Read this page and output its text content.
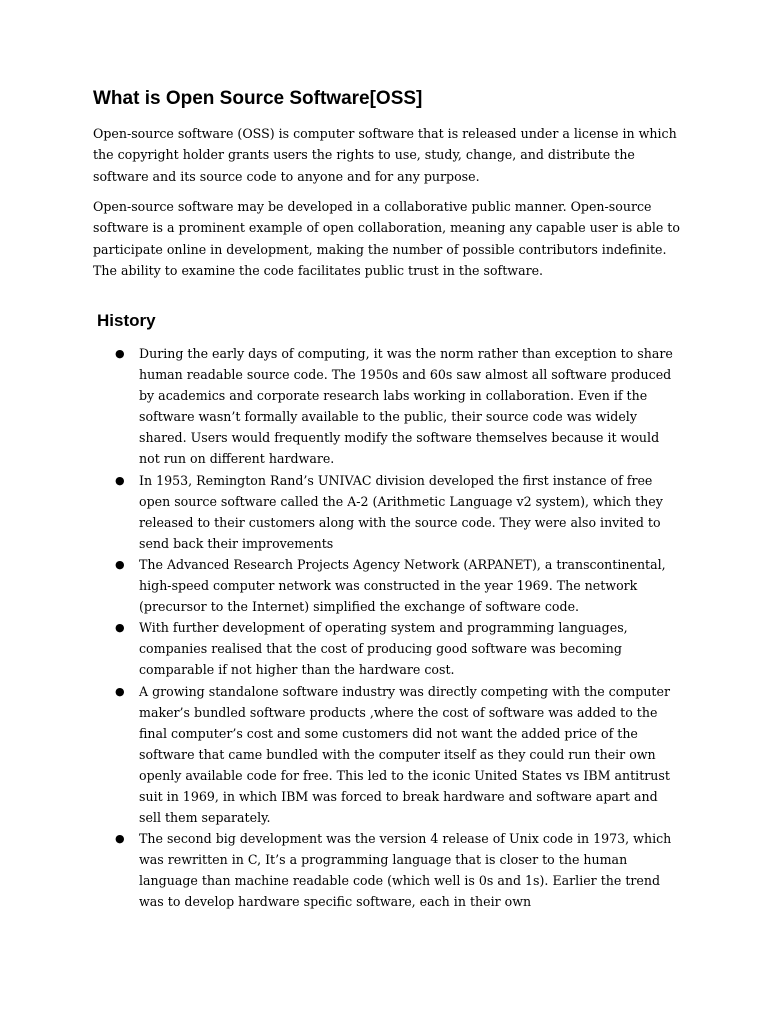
What is Open Source Software[OSS]

Open-source software (OSS) is computer software that is released under a license in which the copyright holder grants users the rights to use, study, change, and distribute the software and its source code to anyone and for any purpose.

Open-source software may be developed in a collaborative public manner. Open-source software is a prominent example of open collaboration, meaning any capable user is able to participate online in development, making the number of possible contributors indefinite. The ability to examine the code facilitates public trust in the software.

History
● During the early days of computing, it was the norm rather than exception to share human readable source code. The 1950s and 60s saw almost all software produced by academics and corporate research labs working in collaboration. Even if the software wasn’t formally available to the public, their source code was widely shared. Users would frequently modify the software themselves because it would not run on different hardware.
● In 1953, Remington Rand’s UNIVAC division developed the first instance of free open source software called the A-2 (Arithmetic Language v2 system), which they released to their customers along with the source code. They were also invited to send back their improvements
● The Advanced Research Projects Agency Network (ARPANET), a transcontinental, high-speed computer network was constructed in the year 1969. The network (precursor to the Internet) simplified the exchange of software code.
● With further development of operating system and programming languages, companies realised that the cost of producing good software was becoming comparable if not higher than the hardware cost.
● A growing standalone software industry was directly competing with the computer maker’s bundled software products ,where the cost of software was added to the final computer’s cost and some customers did not want the added price of the software that came bundled with the computer itself as they could run their own openly available code for free. This led to the iconic United States vs IBM antitrust suit in 1969, in which IBM was forced to break hardware and software apart and sell them separately.
● The second big development was the version 4 release of Unix code in 1973, which was rewritten in C, It’s a programming language that is closer to the human language than machine readable code (which well is 0s and 1s). Earlier the trend was to develop hardware specific software, each in their own
